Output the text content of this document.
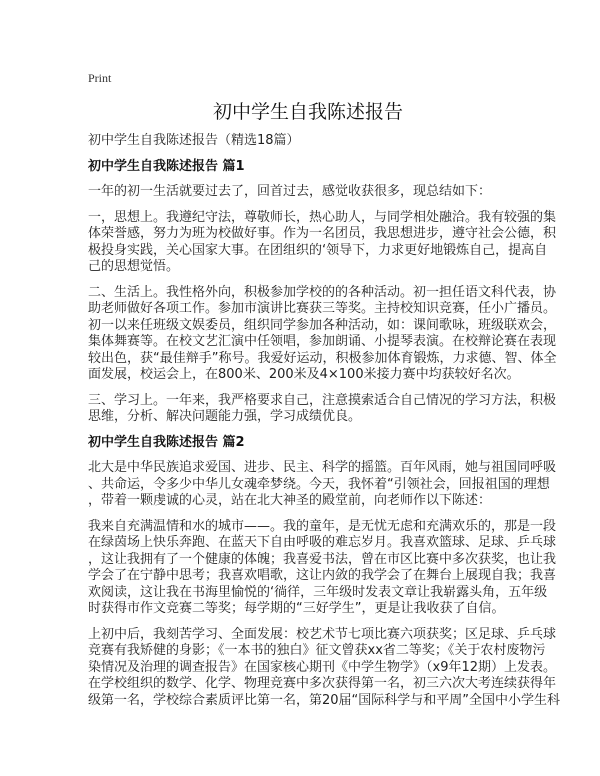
Print
初中学生自我陈述报告
初中学生自我陈述报告（精选18篇）
初中学生自我陈述报告 篇1
一年的初一生活就要过去了，回首过去，感觉收获很多，现总结如下：
一，思想上。我遵纪守法，尊敬师长，热心助人，与同学相处融洽。我有较强的集
体荣誉感，努力为班为校做好事。作为一名团员，我思想进步，遵守社会公德，积
极投身实践，关心国家大事。在团组织的‘领导下，力求更好地锻炼自己，提高自
己的思想觉悟。
二、生活上。我性格外向，积极参加学校的的各种活动。初一担任语文科代表，协
助老师做好各项工作。参加市演讲比赛获三等奖。主持校知识竞赛，任小广播员。
初一以来任班级文娱委员，组织同学参加各种活动，如：课间歌咏，班级联欢会，
集体舞赛等。在校文艺汇演中任领唱，参加朗诵、小提琴表演。在校辩论赛在表现
较出色，获“最佳辩手”称号。我爱好运动，积极参加体育锻炼，力求德、智、体全
面发展，校运会上，在800米、200米及4×100米接力赛中均获较好名次。
三、学习上。一年来，我严格要求自己，注意摸索适合自己情况的学习方法，积极
思维，分析、解决问题能力强，学习成绩优良。
初中学生自我陈述报告 篇2
北大是中华民族追求爱国、进步、民主、科学的摇篮。百年风雨，她与祖国同呼吸
、共命运，令多少中华儿女魂牵梦绕。今天，我怀着“引领社会，回报祖国的理想
，带着一颗虔诚的心灵，站在北大神圣的殿堂前，向老师作以下陈述：
我来自充满温情和水的城市——。我的童年，是无忧无虑和充满欢乐的，那是一段
在绿茵场上快乐奔跑、在蓝天下自由呼吸的难忘岁月。我喜欢篮球、足球、乒乓球
，这让我拥有了一个健康的体魄；我喜爱书法，曾在市区比赛中多次获奖，也让我
学会了在宁静中思考；我喜欢唱歌，这让内敛的我学会了在舞台上展现自我；我喜
欢阅读，这让我在书海里愉悦的‘徜徉，三年级时发表文章让我崭露头角，五年级
时获得市作文竞赛二等奖；每学期的“三好学生”，更是让我收获了自信。
上初中后，我刻苦学习、全面发展：校艺术节七项比赛六项获奖；区足球、乒乓球
竞赛有我矫健的身影；《一本书的独白》征文曾获xx省二等奖；《关于农村废物污
染情况及治理的调查报告》在国家核心期刊《中学生物学》（x9年12期）上发表。
在学校组织的数学、化学、物理竞赛中多次获得第一名，初三六次大考连续获得年
级第一名，学校综合素质评比第一名，第20届“国际科学与和平周”全国中小学生科
